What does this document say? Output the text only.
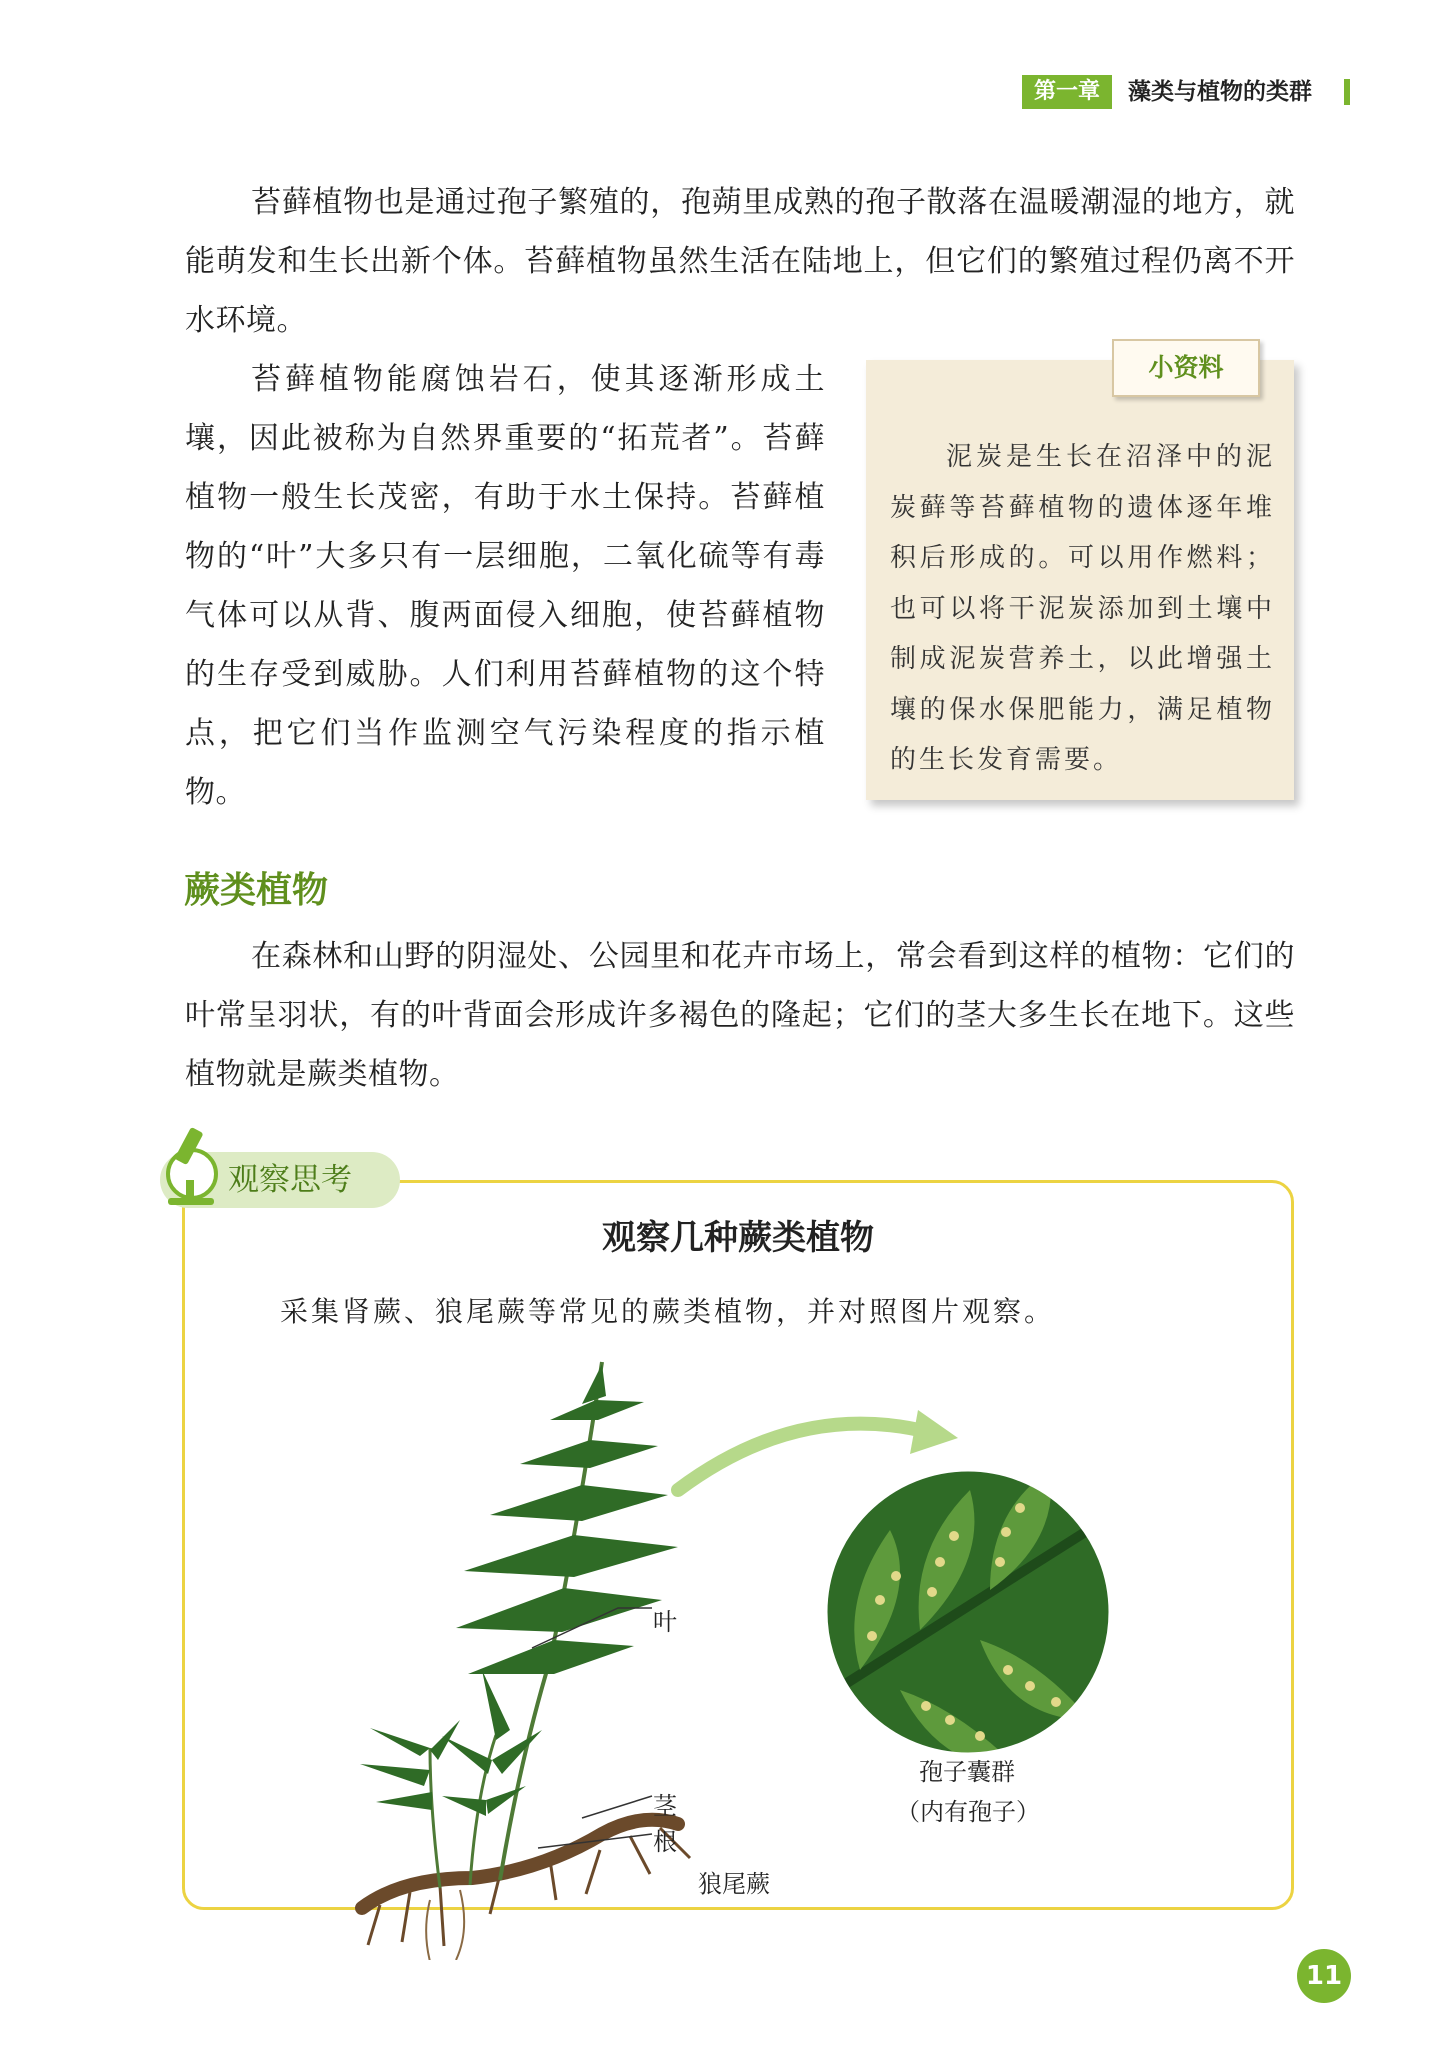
第一章	藻类与植物的类群

苔藓植物也是通过孢子繁殖的，孢蒴里成熟的孢子散落在温暖潮湿的地方，就能萌发和生长出新个体。苔藓植物虽然生活在陆地上，但它们的繁殖过程仍离不开水环境。

苔藓植物能腐蚀岩石，使其逐渐形成土壤，因此被称为自然界重要的“拓荒者”。苔藓植物一般生长茂密，有助于水土保持。苔藓植物的“叶”大多只有一层细胞，二氧化硫等有毒气体可以从背、腹两面侵入细胞，使苔藓植物的生存受到威胁。人们利用苔藓植物的这个特点，把它们当作监测空气污染程度的指示植物。

小资料

泥炭是生长在沼泽中的泥炭藓等苔藓植物的遗体逐年堆积后形成的。可以用作燃料；也可以将干泥炭添加到土壤中制成泥炭营养土，以此增强土壤的保水保肥能力，满足植物的生长发育需要。

蕨类植物

在森林和山野的阴湿处、公园里和花卉市场上，常会看到这样的植物：它们的叶常呈羽状，有的叶背面会形成许多褐色的隆起；它们的茎大多生长在地下。这些植物就是蕨类植物。

观察思考
观察几种蕨类植物
采集肾蕨、狼尾蕨等常见的蕨类植物，并对照图片观察。
叶
茎
根
孢子囊群
（内有孢子）
狼尾蕨
11
